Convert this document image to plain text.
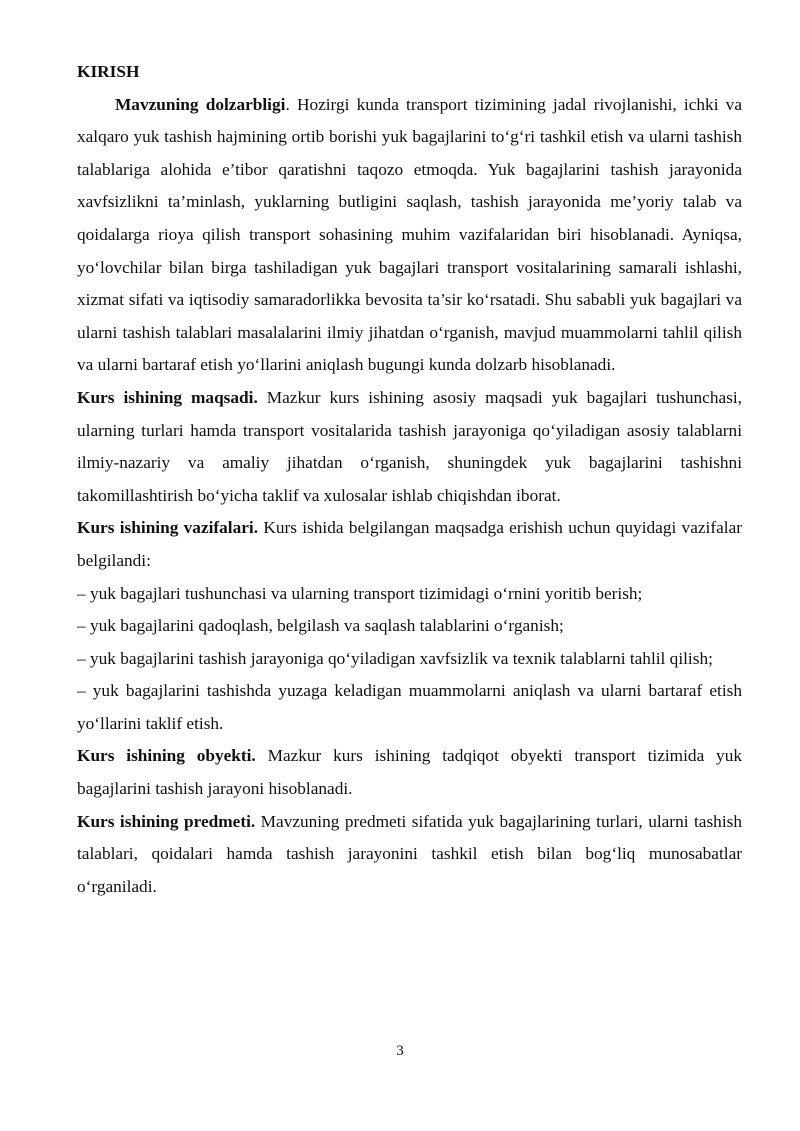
KIRISH

Mavzuning dolzarbligi. Hozirgi kunda transport tizimining jadal rivojlanishi, ichki va xalqaro yuk tashish hajmining ortib borishi yuk bagajlarini to‘g‘ri tashkil etish va ularni tashish talablariga alohida e’tibor qaratishni taqozo etmoqda. Yuk bagajlarini tashish jarayonida xavfsizlikni ta’minlash, yuklarning butligini saqlash, tashish jarayonida me’yoriy talab va qoidalarga rioya qilish transport sohasining muhim vazifalaridan biri hisoblanadi. Ayniqsa, yo‘lovchilar bilan birga tashiladigan yuk bagajlari transport vositalarining samarali ishlashi, xizmat sifati va iqtisodiy samaradorlikka bevosita ta’sir ko‘rsatadi. Shu sababli yuk bagajlari va ularni tashish talablari masalalarini ilmiy jihatdan o‘rganish, mavjud muammolarni tahlil qilish va ularni bartaraf etish yo‘llarini aniqlash bugungi kunda dolzarb hisoblanadi.

Kurs ishining maqsadi. Mazkur kurs ishining asosiy maqsadi yuk bagajlari tushunchasi, ularning turlari hamda transport vositalarida tashish jarayoniga qo‘yiladigan asosiy talablarni ilmiy-nazariy va amaliy jihatdan o‘rganish, shuningdek yuk bagajlarini tashishni takomillashtirish bo‘yicha taklif va xulosalar ishlab chiqishdan iborat.

Kurs ishining vazifalari. Kurs ishida belgilangan maqsadga erishish uchun quyidagi vazifalar belgilandi:

– yuk bagajlari tushunchasi va ularning transport tizimidagi o‘rnini yoritib berish;

– yuk bagajlarini qadoqlash, belgilash va saqlash talablarini o‘rganish;

– yuk bagajlarini tashish jarayoniga qo‘yiladigan xavfsizlik va texnik talablarni tahlil qilish;

– yuk bagajlarini tashishda yuzaga keladigan muammolarni aniqlash va ularni bartaraf etish yo‘llarini taklif etish.

Kurs ishining obyekti. Mazkur kurs ishining tadqiqot obyekti transport tizimida yuk bagajlarini tashish jarayoni hisoblanadi.

Kurs ishining predmeti. Mavzuning predmeti sifatida yuk bagajlarining turlari, ularni tashish talablari, qoidalari hamda tashish jarayonini tashkil etish bilan bog‘liq munosabatlar o‘rganiladi.

3
